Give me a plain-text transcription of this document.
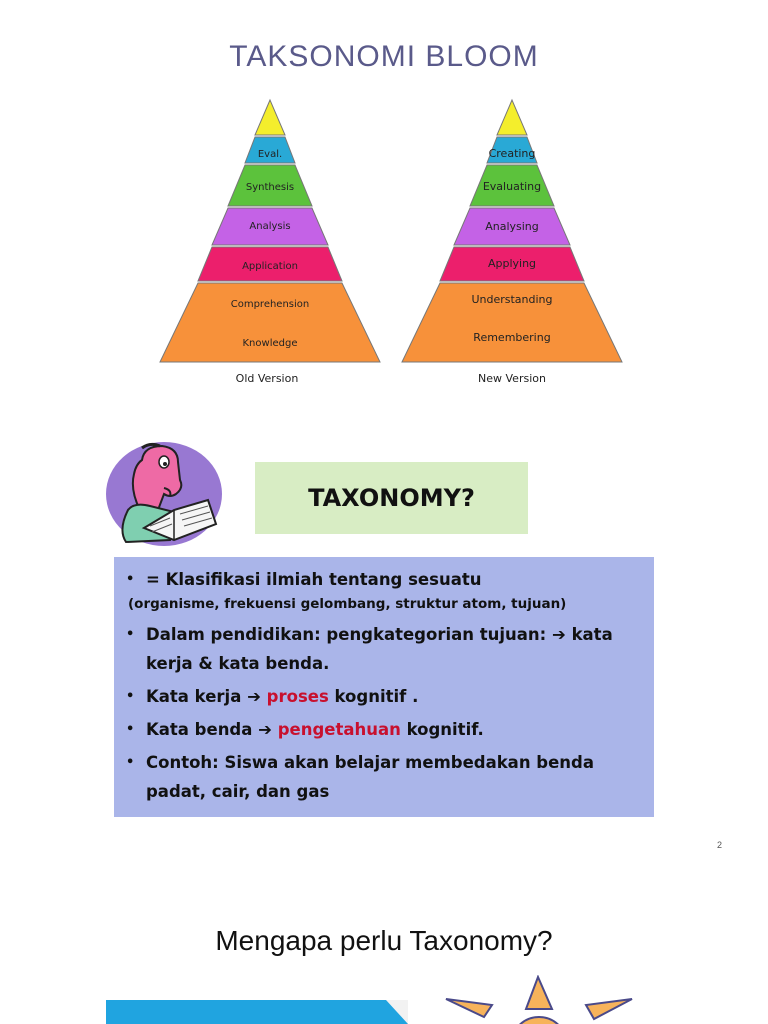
TAKSONOMI BLOOM
Eval.
Synthesis
Analysis
Application
Comprehension
Knowledge
Old Version
Creating
Evaluating
Analysing
Applying
Understanding
Remembering
New Version
TAXONOMY?
• = Klasifikasi ilmiah tentang sesuatu
(organisme, frekuensi gelombang, struktur atom, tujuan)
• Dalam pendidikan: pengkategorian tujuan: ➔ kata kerja & kata benda.
• Kata kerja ➔ proses kognitif .
• Kata benda ➔ pengetahuan kognitif.
• Contoh: Siswa akan belajar membedakan benda padat, cair, dan gas
2
Mengapa perlu Taxonomy?
